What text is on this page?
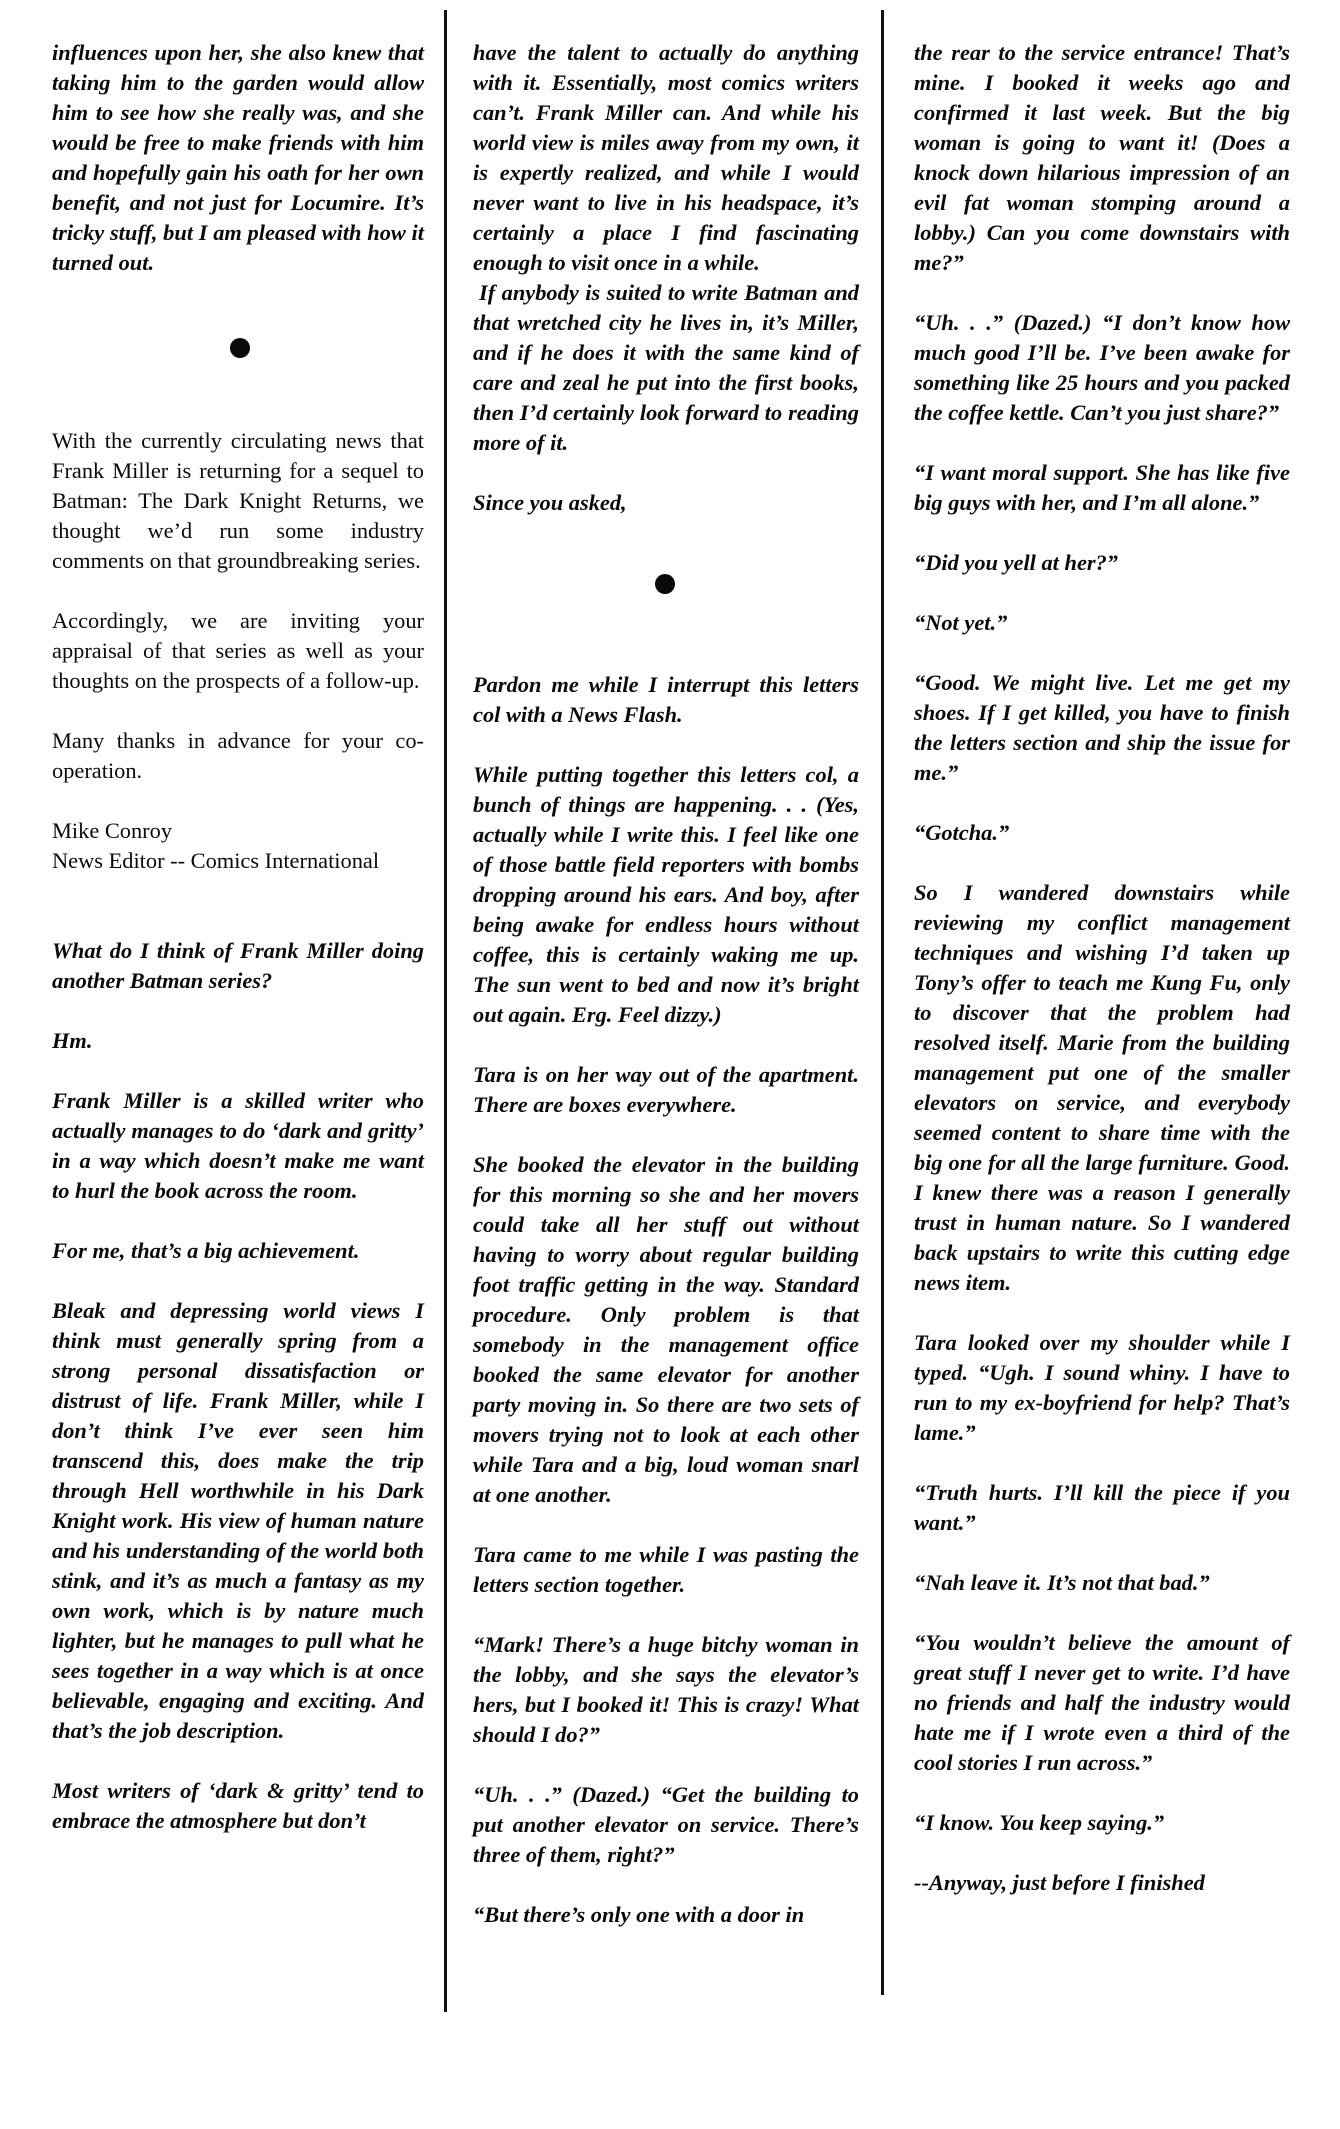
influences upon her, she also knew that taking him to the garden would allow him to see how she really was, and she would be free to make friends with him and hopefully gain his oath for her own benefit, and not just for Locumire. It’s tricky stuff, but I am pleased with how it turned out.

With the currently circulating news that Frank Miller is returning for a sequel to Batman: The Dark Knight Returns, we thought we’d run some industry comments on that groundbreaking series.

Accordingly, we are inviting your appraisal of that series as well as your thoughts on the prospects of a follow-up.

Many thanks in advance for your co-operation.

Mike Conroy
News Editor -- Comics International

What do I think of Frank Miller doing another Batman series?

Hm.

Frank Miller is a skilled writer who actually manages to do ‘dark and gritty’ in a way which doesn’t make me want to hurl the book across the room.

For me, that’s a big achievement.

Bleak and depressing world views I think must generally spring from a strong personal dissatisfaction or distrust of life. Frank Miller, while I don’t think I’ve ever seen him transcend this, does make the trip through Hell worthwhile in his Dark Knight work. His view of human nature and his understanding of the world both stink, and it’s as much a fantasy as my own work, which is by nature much lighter, but he manages to pull what he sees together in a way which is at once believable, engaging and exciting. And that’s the job description.

Most writers of ‘dark & gritty’ tend to embrace the atmosphere but don’t

have the talent to actually do anything with it. Essentially, most comics writers can’t. Frank Miller can. And while his world view is miles away from my own, it is expertly realized, and while I would never want to live in his headspace, it’s certainly a place I find fascinating enough to visit once in a while.

If anybody is suited to write Batman and that wretched city he lives in, it’s Miller, and if he does it with the same kind of care and zeal he put into the first books, then I’d certainly look forward to reading more of it.

Since you asked,

Pardon me while I interrupt this letters col with a News Flash.

While putting together this letters col, a bunch of things are happening. . . (Yes, actually while I write this. I feel like one of those battle field reporters with bombs dropping around his ears. And boy, after being awake for endless hours without coffee, this is certainly waking me up. The sun went to bed and now it’s bright out again. Erg. Feel dizzy.)

Tara is on her way out of the apartment. There are boxes everywhere.

She booked the elevator in the building for this morning so she and her movers could take all her stuff out without having to worry about regular building foot traffic getting in the way. Standard procedure. Only problem is that somebody in the management office booked the same elevator for another party moving in. So there are two sets of movers trying not to look at each other while Tara and a big, loud woman snarl at one another.

Tara came to me while I was pasting the letters section together.

“Mark! There’s a huge bitchy woman in the lobby, and she says the elevator’s hers, but I booked it! This is crazy! What should I do?”

“Uh. . .” (Dazed.) “Get the building to put another elevator on service. There’s three of them, right?”

“But there’s only one with a door in

the rear to the service entrance! That’s mine. I booked it weeks ago and confirmed it last week. But the big woman is going to want it! (Does a knock down hilarious impression of an evil fat woman stomping around a lobby.) Can you come downstairs with me?”

“Uh. . .” (Dazed.) “I don’t know how much good I’ll be. I’ve been awake for something like 25 hours and you packed the coffee kettle. Can’t you just share?”

“I want moral support. She has like five big guys with her, and I’m all alone.”

“Did you yell at her?”

“Not yet.”

“Good. We might live. Let me get my shoes. If I get killed, you have to finish the letters section and ship the issue for me.”

“Gotcha.”

So I wandered downstairs while reviewing my conflict management techniques and wishing I’d taken up Tony’s offer to teach me Kung Fu, only to discover that the problem had resolved itself. Marie from the building management put one of the smaller elevators on service, and everybody seemed content to share time with the big one for all the large furniture. Good. I knew there was a reason I generally trust in human nature. So I wandered back upstairs to write this cutting edge news item.

Tara looked over my shoulder while I typed. “Ugh. I sound whiny. I have to run to my ex-boyfriend for help? That’s lame.”

“Truth hurts. I’ll kill the piece if you want.”

“Nah leave it. It’s not that bad.”

“You wouldn’t believe the amount of great stuff I never get to write. I’d have no friends and half the industry would hate me if I wrote even a third of the cool stories I run across.”

“I know. You keep saying.”

--Anyway, just before I finished
